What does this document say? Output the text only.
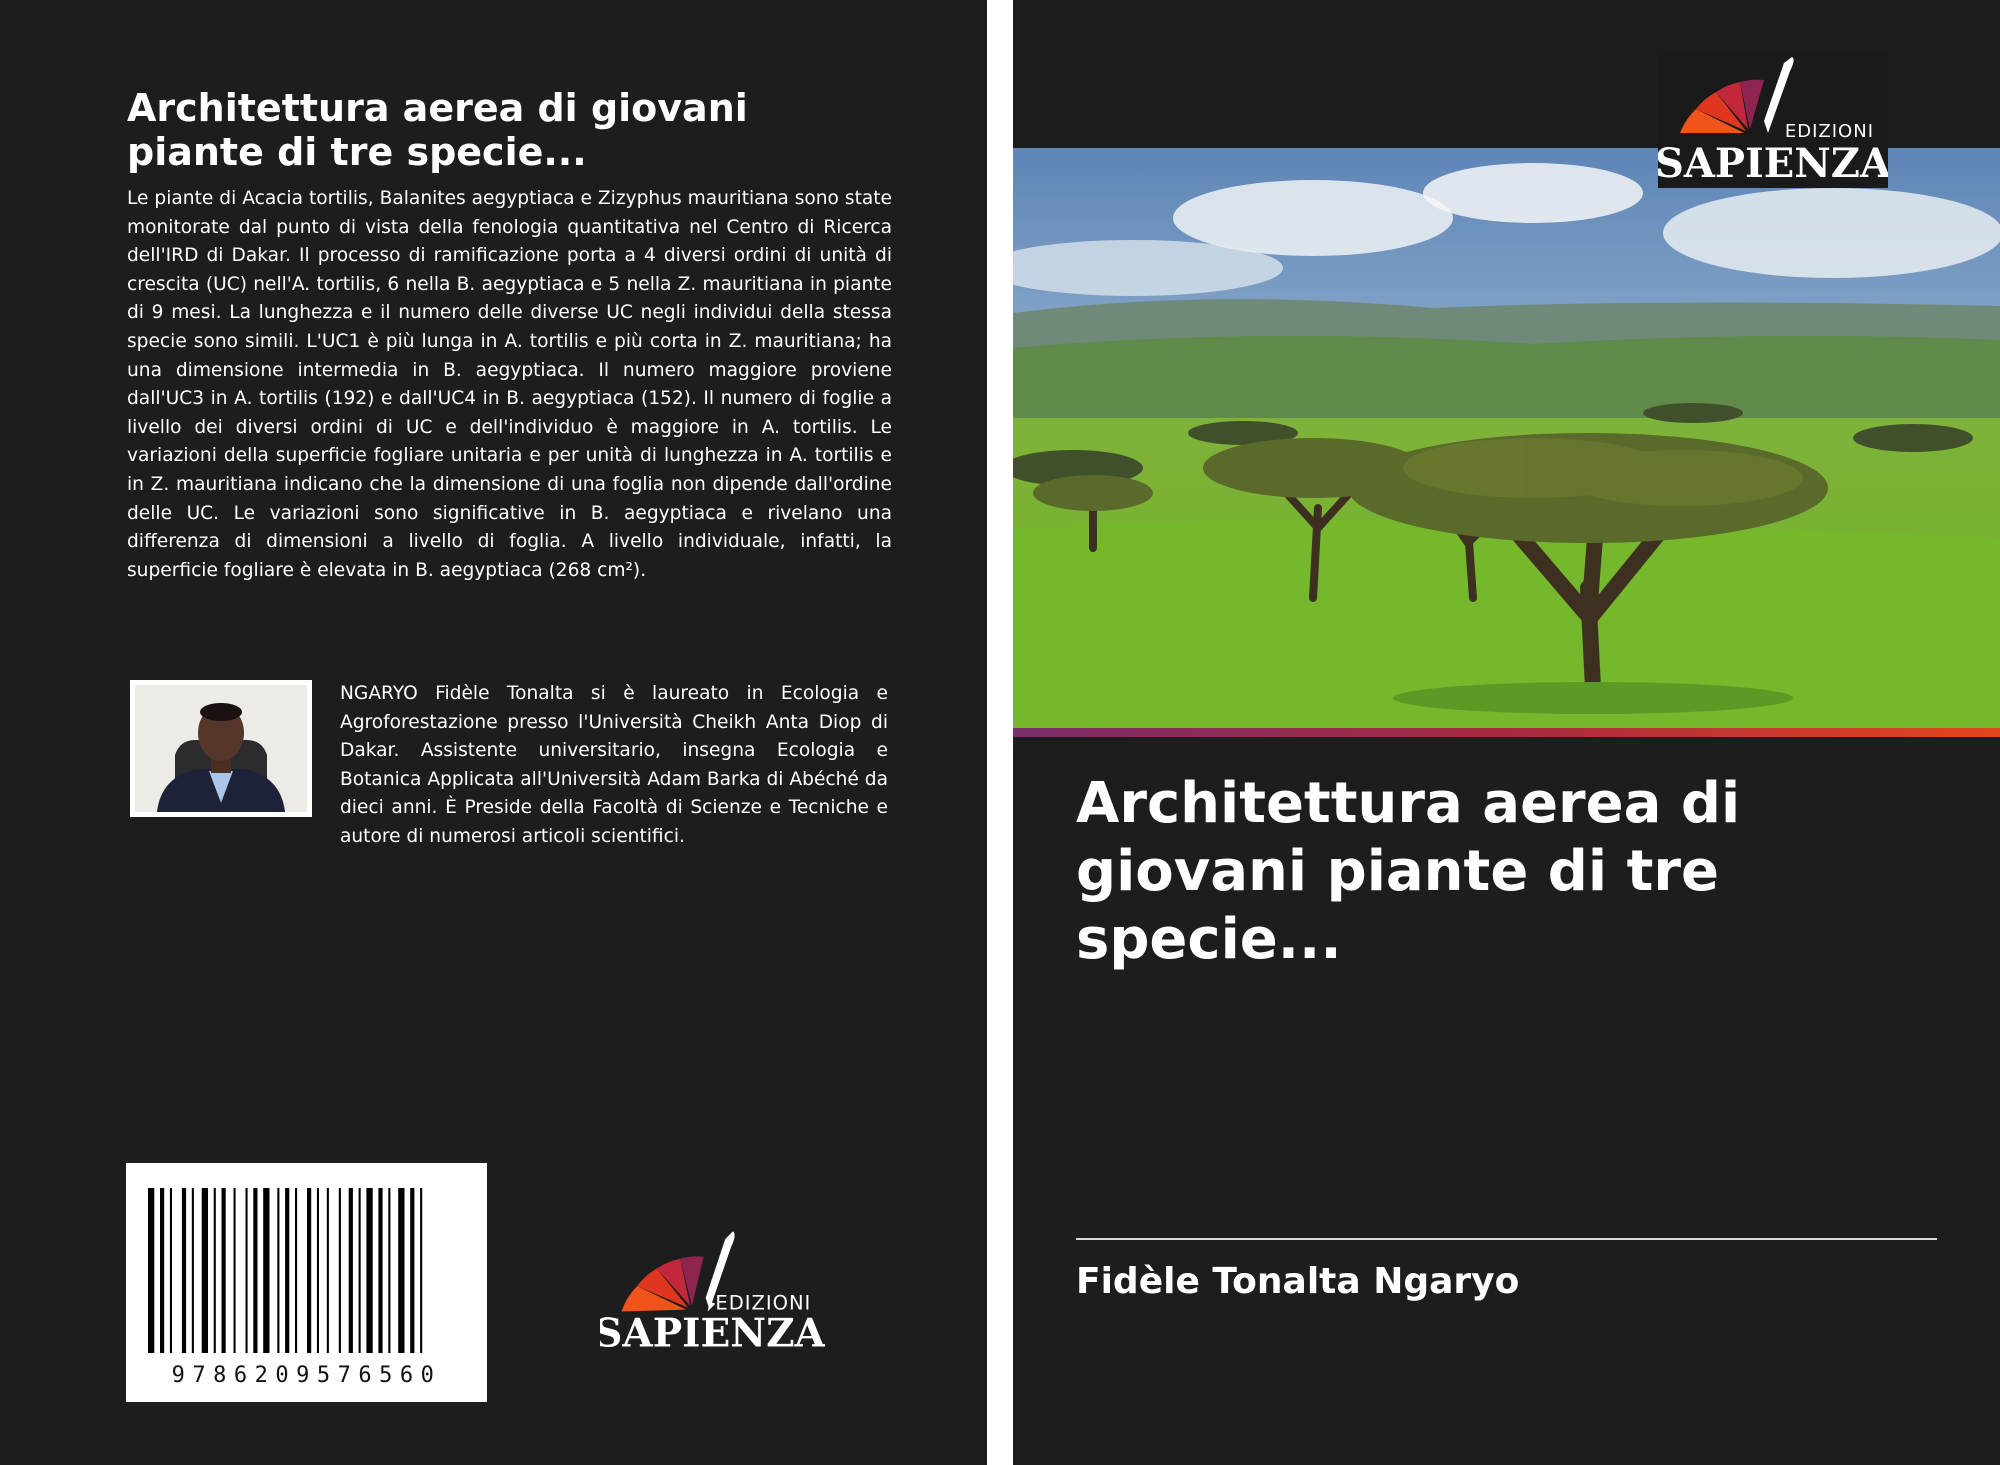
Architettura aerea di giovani piante di tre specie...
Le piante di Acacia tortilis, Balanites aegyptiaca e Zizyphus mauritiana sono state monitorate dal punto di vista della fenologia quantitativa nel Centro di Ricerca dell'IRD di Dakar. Il processo di ramificazione porta a 4 diversi ordini di unità di crescita (UC) nell'A. tortilis, 6 nella B. aegyptiaca e 5 nella Z. mauritiana in piante di 9 mesi. La lunghezza e il numero delle diverse UC negli individui della stessa specie sono simili. L'UC1 è più lunga in A. tortilis e più corta in Z. mauritiana; ha una dimensione intermedia in B. aegyptiaca. Il numero maggiore proviene dall'UC3 in A. tortilis (192) e dall'UC4 in B. aegyptiaca (152). Il numero di foglie a livello dei diversi ordini di UC e dell'individuo è maggiore in A. tortilis. Le variazioni della superficie fogliare unitaria e per unità di lunghezza in A. tortilis e in Z. mauritiana indicano che la dimensione di una foglia non dipende dall'ordine delle UC. Le variazioni sono significative in B. aegyptiaca e rivelano una differenza di dimensioni a livello di foglia. A livello individuale, infatti, la superficie fogliare è elevata in B. aegyptiaca (268 cm²).
NGARYO Fidèle Tonalta si è laureato in Ecologia e Agroforestazione presso l'Università Cheikh Anta Diop di Dakar. Assistente universitario, insegna Ecologia e Botanica Applicata all'Università Adam Barka di Abéché da dieci anni. È Preside della Facoltà di Scienze e Tecniche e autore di numerosi articoli scientifici.
9786209576560
EDIZIONI
SAPIENZA
EDIZIONI
SAPIENZA
Architettura aerea di giovani piante di tre specie...
Fidèle Tonalta Ngaryo
